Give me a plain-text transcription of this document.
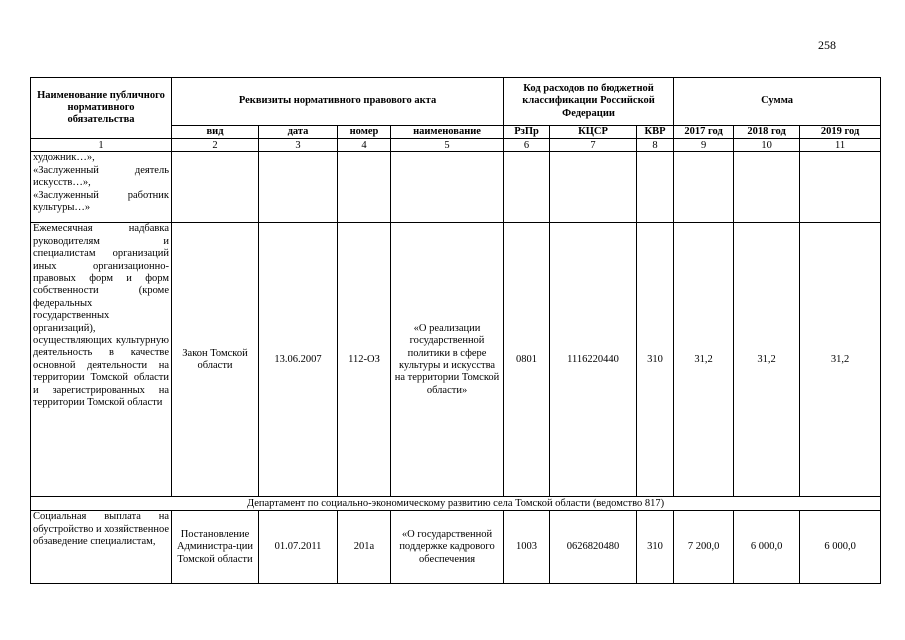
258
Наименование публичного нормативного обязательства	Реквизиты нормативного правового акта				Код расходов по бюджетной классификации Российской Федерации			Сумма		
	вид	дата	номер	наименование	РзПр	КЦСР	КВР	2017 год	2018 год	2019 год
1	2	3	4	5	6	7	8	9	10	11

художник…»,
«Заслуженный деятель искусств…»,
«Заслуженный работник культуры…»										

Ежемесячная надбавка руководителям и специалистам организаций иных организационно-правовых форм и форм собственности (кроме федеральных государственных организаций), осуществляющих культурную деятельность в качестве основной деятельности на территории Томской области и зарегистрированных на территории Томской области	Закон Томской области	13.06.2007	112-ОЗ	«О реализации государственной политики в сфере культуры и искусства на территории Томской области»	0801	1116220440	310	31,2	31,2	31,2
Департамент по социально-экономическому развитию села Томской области (ведомство 817)										

Социальная выплата на обустройство и хозяйственное обзаведение специалистам,	Постановление Администра-ции Томской области	01.07.2011	201а	«О государственной поддержке кадрового обеспечения	1003	0626820480	310	7 200,0	6 000,0	6 000,0
